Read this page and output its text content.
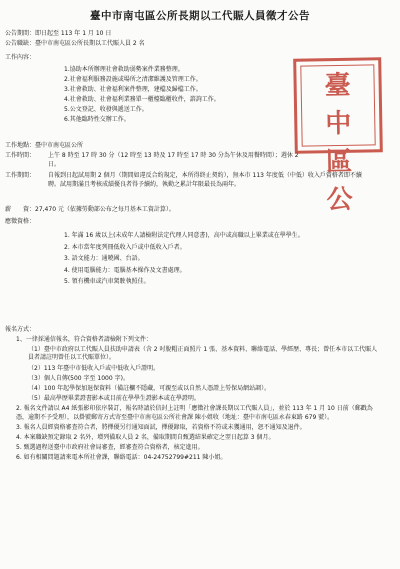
臺中市南屯區公所長期以工代賑人員徵才公告
公告期間：即日起至 113 年 1 月 10 日
公告職缺：臺中市南屯區公所長期以工代賑人員 2 名
工作內容：
1.協助本所辦理社會救助弱勢案件業務整理。
2.社會福利服務設施或場所之清潔維護及管理工作。
3.社會救助、社會福利案件整理，建檔及歸檔工作。
4.社會救助、社會福利業務單一櫃檯臨櫃收件，諮詢工作。
5.公文登記、收發與遞送工作。
6.其他臨時性交辦工作。
工作地點：臺中市南屯區公所
工作時間： 上午 8 時至 17 時 30 分（12 時至 13 時及 17 時至 17 時 30 分為午休及用餐時間）；週休 2 日。
工作期間： 自報到日起試用期 2 個月（期間如違反合約規定，本所得終止契約），無本市 113 年度低（中低）收入戶資格者即不續聘。試用期滿且考核成績優良者得予續約，執勤之累計年限最長為兩年。
薪　　資：27,470 元（依據勞動部公布之每月基本工資計算）。
應徵資格：
1. 年滿 16 歲以上(未成年人請檢附法定代理人同意書)，高中或高職以上畢業或在學學生。
2. 本市當年度列冊低收入戶或中低收入戶者。
3. 語文能力：通曉國、台語。
4. 使用電腦能力：電腦基本操作及文書處理。
5. 領有機車或汽車駕駛執照佳。
報名方式：
1、一律採通信報名，符合資格者請檢附下列文件：
（1）臺中市政府以工代賑人員扶助申請表（含 2 吋脫帽正面照片 1 張、基本資料、聯絡電話、學經歷、專長；曾任本市以工代賑人員者請註明曾任以工代賑單位）。
（2）113 年臺中市低收入戶或中低收入戶證明。
（3）個人自傳(500 字至 1000 字)。
（4）100 年起學保加退保資料（備註欄不隱藏，可親至或以自然人憑證上勞保局網站調）。
（5）最高學歷畢業證書影本或目前在學學生證影本或在學證明。
2. 報名文件請以 A4 紙張影印依序裝訂，報名時請於信封上註明「應徵社會課長期以工代賑人員」，並於 113 年 1 月 10 日前（郵戳為憑，逾期不予受理），以掛號郵寄方式寄至臺中市南屯區公所社會課 陳小姐收（地址：臺中市南屯區永春東路 679 號）。
3. 報名人員經資格審查符合者，將擇優另行通知面試，擇優錄取，若資格不符或未獲通用，恕不通知及退件。
4. 本案職缺預定錄取 2 名外，增列備取人員 2 名，備取期間自甄選結果確定之翌日起算 3 個月。
5. 甄選過程送臺中市政府社會局審查，經審查符合資格者，核定進用。
6. 如有相關問題請來電本所社會課，聯絡電話：04-24752799#211 陳小姐。
臺
中
區
公
